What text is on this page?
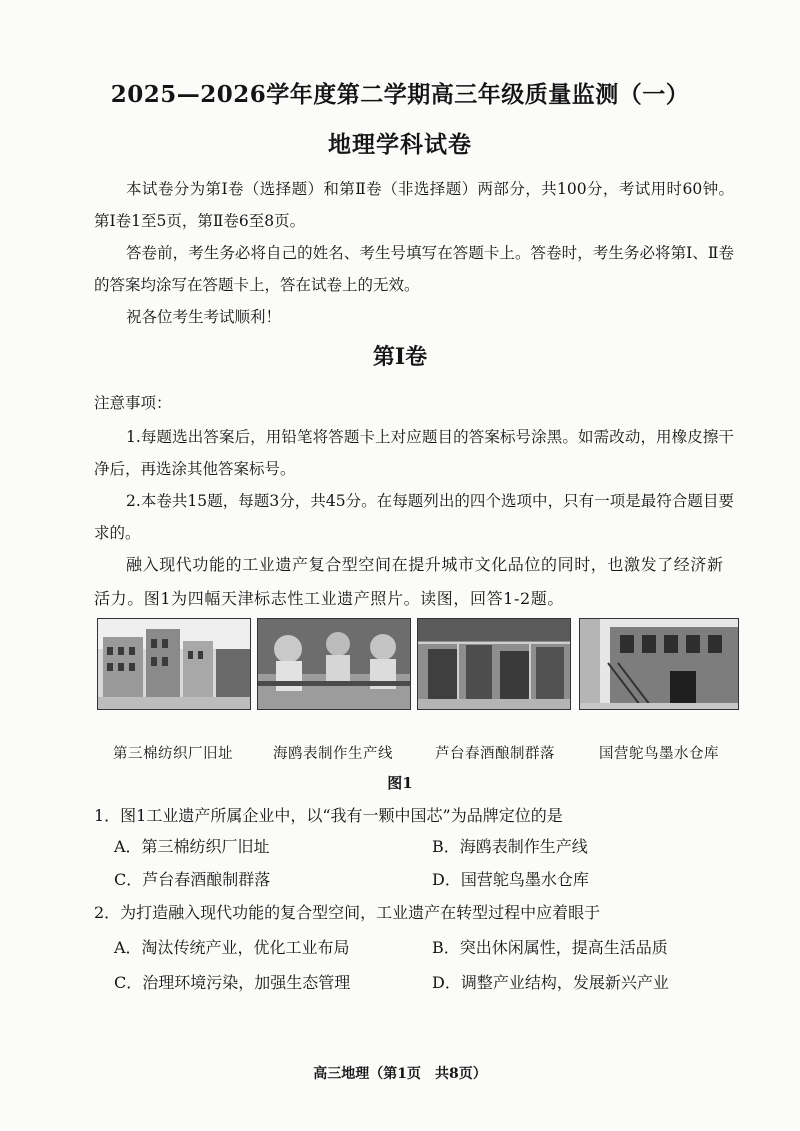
2025—2026学年度第二学期高三年级质量监测（一）
地理学科试卷
本试卷分为第Ⅰ卷（选择题）和第Ⅱ卷（非选择题）两部分，共100分，考试用时60钟。第Ⅰ卷1至5页，第Ⅱ卷6至8页。
答卷前，考生务必将自己的姓名、考生号填写在答题卡上。答卷时，考生务必将第Ⅰ、Ⅱ卷的答案均涂写在答题卡上，答在试卷上的无效。
祝各位考生考试顺利！
第Ⅰ卷
注意事项：
1.每题选出答案后，用铅笔将答题卡上对应题目的答案标号涂黑。如需改动，用橡皮擦干净后，再选涂其他答案标号。
2.本卷共15题，每题3分，共45分。在每题列出的四个选项中，只有一项是最符合题目要求的。
融入现代功能的工业遗产复合型空间在提升城市文化品位的同时，也激发了经济新活力。图1为四幅天津标志性工业遗产照片。读图，回答1-2题。
第三棉纺织厂旧址	海鸥表制作生产线	芦台春酒酿制群落	国营鸵鸟墨水仓库
图1
1．图1工业遗产所属企业中，以“我有一颗中国芯”为品牌定位的是
A．第三棉纺织厂旧址	B．海鸥表制作生产线
C．芦台春酒酿制群落	D．国营鸵鸟墨水仓库
2．为打造融入现代功能的复合型空间，工业遗产在转型过程中应着眼于
A．淘汰传统产业，优化工业布局	B．突出休闲属性，提高生活品质
C．治理环境污染，加强生态管理	D．调整产业结构，发展新兴产业
高三地理（第1页　共8页）
